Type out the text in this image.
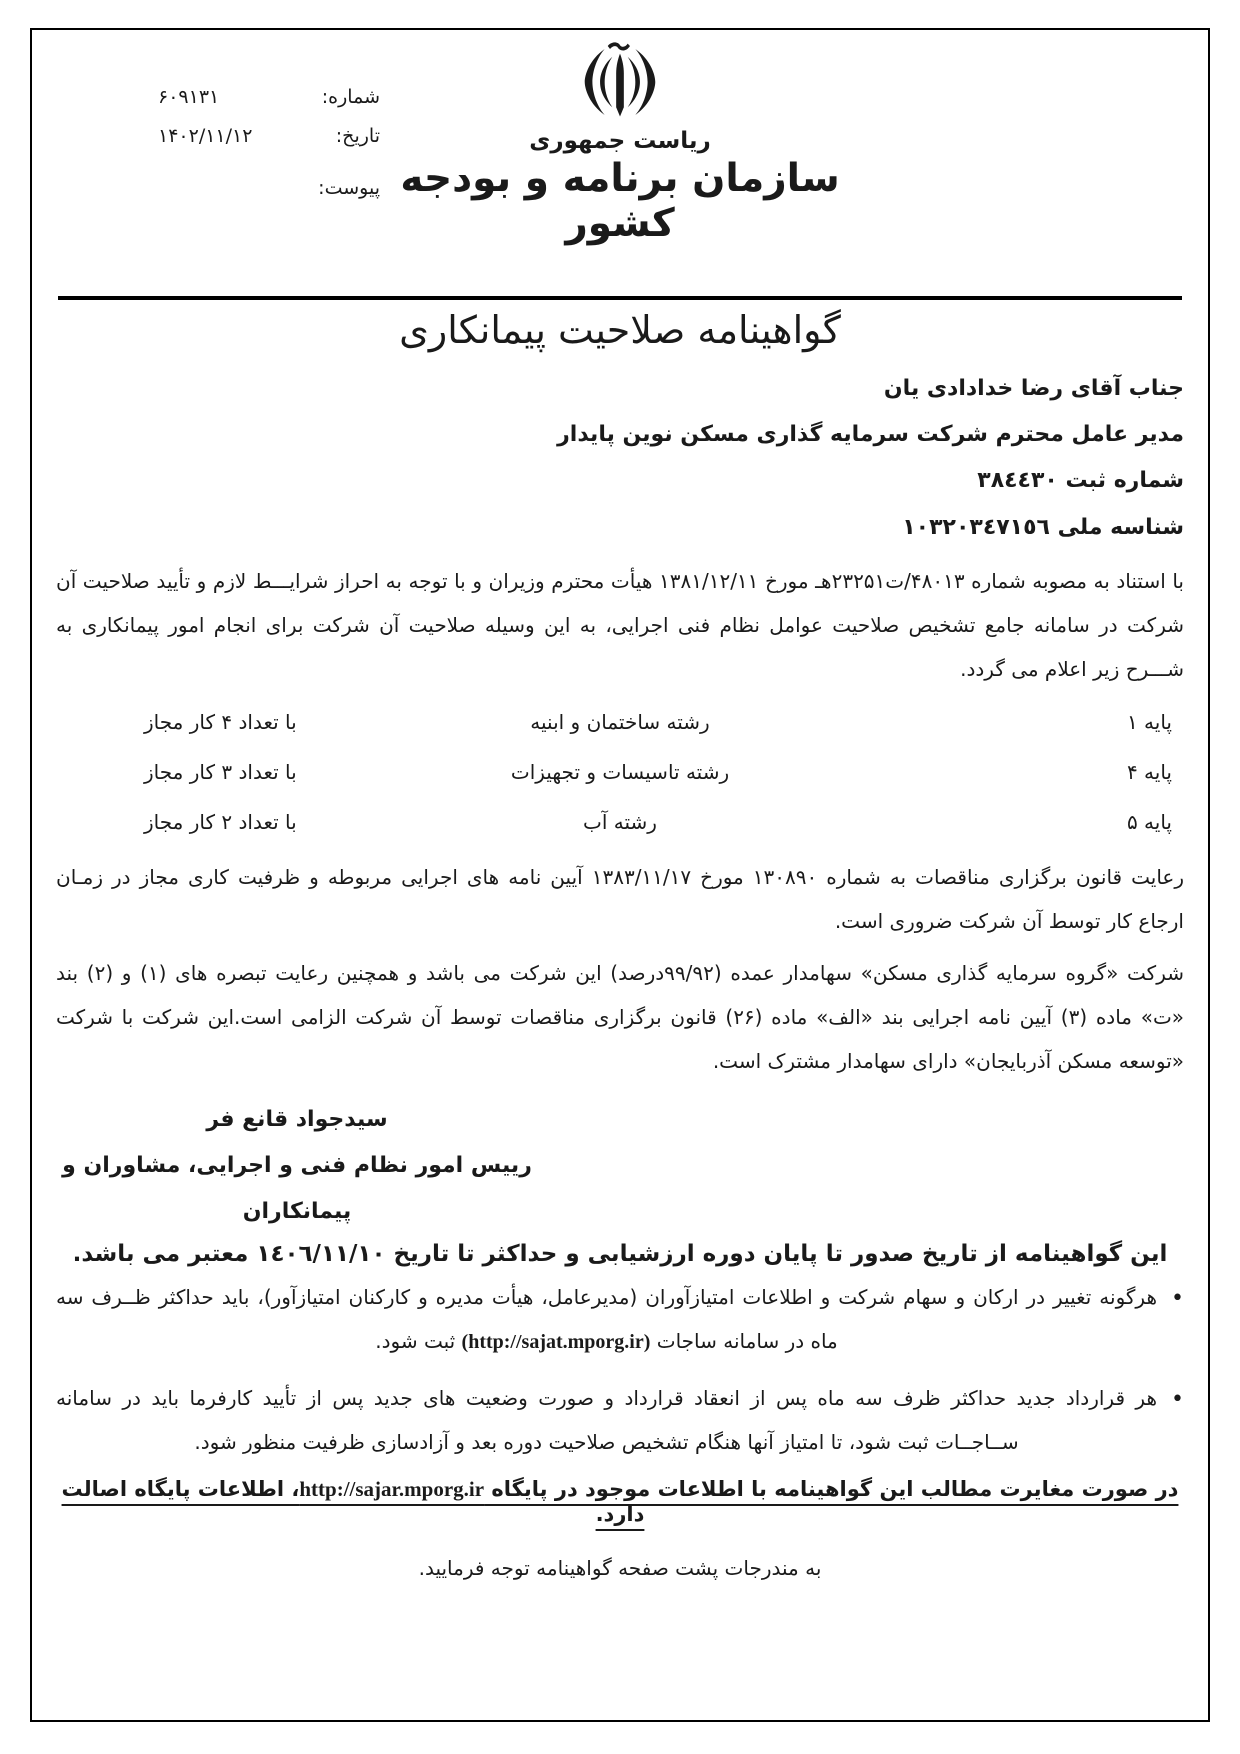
شماره:
۶۰۹۱۳۱
تاریخ:
۱۴۰۲/۱۱/۱۲
پیوست:
ریاست جمهوری
سازمان برنامه و بودجه کشور
گواهینامه صلاحیت پیمانکاری
جناب آقای رضا خدادادی یان
مدیر عامل محترم شرکت سرمایه گذاری مسکن نوین پایدار
شماره ثبت ٣٨٤٤٣٠
شناسه ملی ١٠٣٢٠٣٤٧١٥٦

با استناد به مصوبه شماره ۴۸۰۱۳/ت۲۳۲۵۱هـ مورخ ۱۳۸۱/۱۲/۱۱ هیأت محترم وزیران و با توجه به احراز شرایـــط لازم و تأیید صلاحیت آن شرکت در سامانه جامع تشخیص صلاحیت عوامل نظام فنی اجرایی، به این وسیله صلاحیت آن شرکت برای انجام امور پیمانکاری به شـــرح زیر اعلام می گردد.

پایه ۱
رشته ساختمان و ابنیه
با تعداد ۴ کار مجاز
پایه ۴
رشته تاسیسات و تجهیزات
با تعداد ۳ کار مجاز
پایه ۵
رشته آب
با تعداد ۲ کار مجاز

رعایت قانون برگزاری مناقصات به شماره ۱۳۰۸۹۰ مورخ ۱۳۸۳/۱۱/۱۷ آیین نامه های اجرایی مربوطه و ظرفیت کاری مجاز در زمـان ارجاع کار توسط آن شرکت ضروری است.

شرکت «گروه سرمایه گذاری مسکن» سهامدار عمده (۹۹/۹۲درصد) این شرکت می باشد و همچنین رعایت تبصره های (۱) و (۲) بند «ت» ماده (۳) آیین نامه اجرایی بند «الف» ماده (۲۶) قانون برگزاری مناقصات توسط آن شرکت الزامی است.این شرکت با شرکت «توسعه مسکن آذربایجان» دارای سهامدار مشترک است.

سیدجواد قانع فر
رییس امور نظام فنی و اجرایی، مشاوران و پیمانکاران
این گواهینامه از تاریخ صدور تا پایان دوره ارزشیابی و حداکثر تا تاریخ ١٤٠٦/١١/١٠ معتبر می باشد.
•
هرگونه تغییر در ارکان و سهام شرکت و اطلاعات امتیازآوران (مدیرعامل، هیأت مدیره و کارکنان امتیازآور)، باید حداکثر ظــرف سه ماه در سامانه ساجات (http://sajat.mporg.ir) ثبت شود.
•
هر قرارداد جدید حداکثر ظرف سه ماه پس از انعقاد قرارداد و صورت وضعیت های جدید پس از تأیید کارفرما باید در سامانه ســاجــات ثبت شود، تا امتیاز آنها هنگام تشخیص صلاحیت دوره بعد و آزادسازی ظرفیت منظور شود.
در صورت مغایرت مطالب این گواهینامه با اطلاعات موجود در پایگاه http://sajar.mporg.ir، اطلاعات پایگاه اصالت دارد.
به مندرجات پشت صفحه گواهینامه توجه فرمایید.
